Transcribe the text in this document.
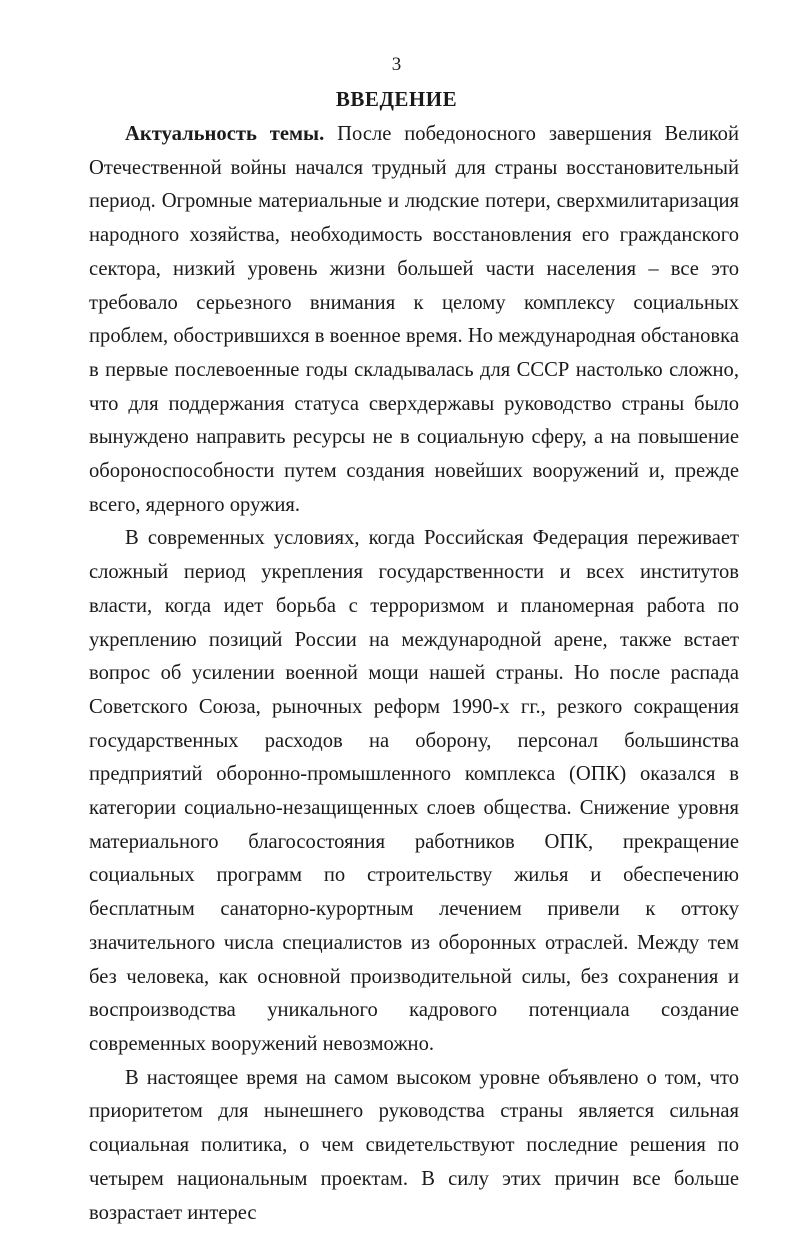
3
ВВЕДЕНИЕ

Актуальность темы. После победоносного завершения Великой Отечественной войны начался трудный для страны восстановительный период. Огромные материальные и людские потери, сверхмилитаризация народного хозяйства, необходимость восстановления его гражданского сектора, низкий уровень жизни большей части населения – все это требовало серьезного внимания к целому комплексу социальных проблем, обострившихся в военное время. Но международная обстановка в первые послевоенные годы складывалась для СССР настолько сложно, что для поддержания статуса сверхдержавы руководство страны было вынуждено направить ресурсы не в социальную сферу, а на повышение обороноспособности путем создания новейших вооружений и, прежде всего, ядерного оружия.

В современных условиях, когда Российская Федерация переживает сложный период укрепления государственности и всех институтов власти, когда идет борьба с терроризмом и планомерная работа по укреплению позиций России на международной арене, также встает вопрос об усилении военной мощи нашей страны. Но после распада Советского Союза, рыночных реформ 1990-х гг., резкого сокращения государственных расходов на оборону, персонал большинства предприятий оборонно-промышленного комплекса (ОПК) оказался в категории социально-незащищенных слоев общества. Снижение уровня материального благосостояния работников ОПК, прекращение социальных программ по строительству жилья и обеспечению бесплатным санаторно-курортным лечением привели к оттоку значительного числа специалистов из оборонных отраслей. Между тем без человека, как основной производительной силы, без сохранения и воспроизводства уникального кадрового потенциала создание современных вооружений невозможно.

В настоящее время на самом высоком уровне объявлено о том, что приоритетом для нынешнего руководства страны является сильная социальная политика, о чем свидетельствуют последние решения по четырем национальным проектам. В силу этих причин все больше возрастает интерес
